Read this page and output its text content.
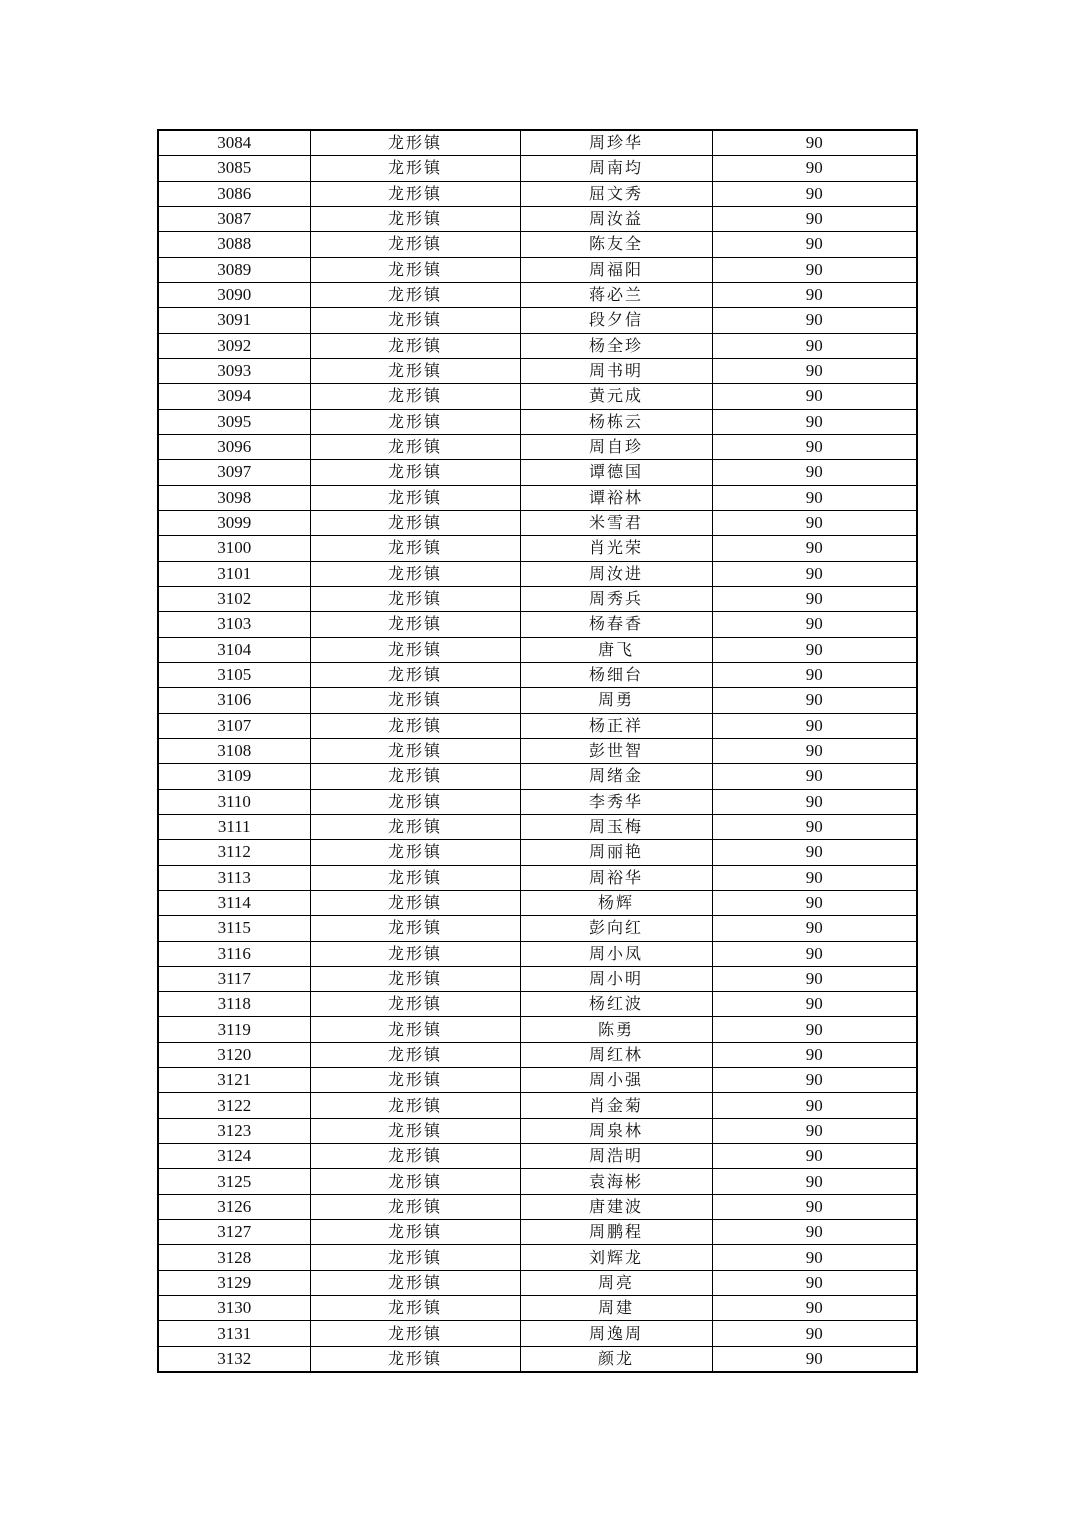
3084	龙形镇	周珍华	90
3085	龙形镇	周南均	90
3086	龙形镇	屈文秀	90
3087	龙形镇	周汝益	90
3088	龙形镇	陈友全	90
3089	龙形镇	周福阳	90
3090	龙形镇	蒋必兰	90
3091	龙形镇	段夕信	90
3092	龙形镇	杨全珍	90
3093	龙形镇	周书明	90
3094	龙形镇	黄元成	90
3095	龙形镇	杨栋云	90
3096	龙形镇	周自珍	90
3097	龙形镇	谭德国	90
3098	龙形镇	谭裕林	90
3099	龙形镇	米雪君	90
3100	龙形镇	肖光荣	90
3101	龙形镇	周汝进	90
3102	龙形镇	周秀兵	90
3103	龙形镇	杨春香	90
3104	龙形镇	唐飞	90
3105	龙形镇	杨细台	90
3106	龙形镇	周勇	90
3107	龙形镇	杨正祥	90
3108	龙形镇	彭世智	90
3109	龙形镇	周绪金	90
3110	龙形镇	李秀华	90
3111	龙形镇	周玉梅	90
3112	龙形镇	周丽艳	90
3113	龙形镇	周裕华	90
3114	龙形镇	杨辉	90
3115	龙形镇	彭向红	90
3116	龙形镇	周小凤	90
3117	龙形镇	周小明	90
3118	龙形镇	杨红波	90
3119	龙形镇	陈勇	90
3120	龙形镇	周红林	90
3121	龙形镇	周小强	90
3122	龙形镇	肖金菊	90
3123	龙形镇	周泉林	90
3124	龙形镇	周浩明	90
3125	龙形镇	袁海彬	90
3126	龙形镇	唐建波	90
3127	龙形镇	周鹏程	90
3128	龙形镇	刘辉龙	90
3129	龙形镇	周亮	90
3130	龙形镇	周建	90
3131	龙形镇	周逸周	90
3132	龙形镇	颜龙	90
